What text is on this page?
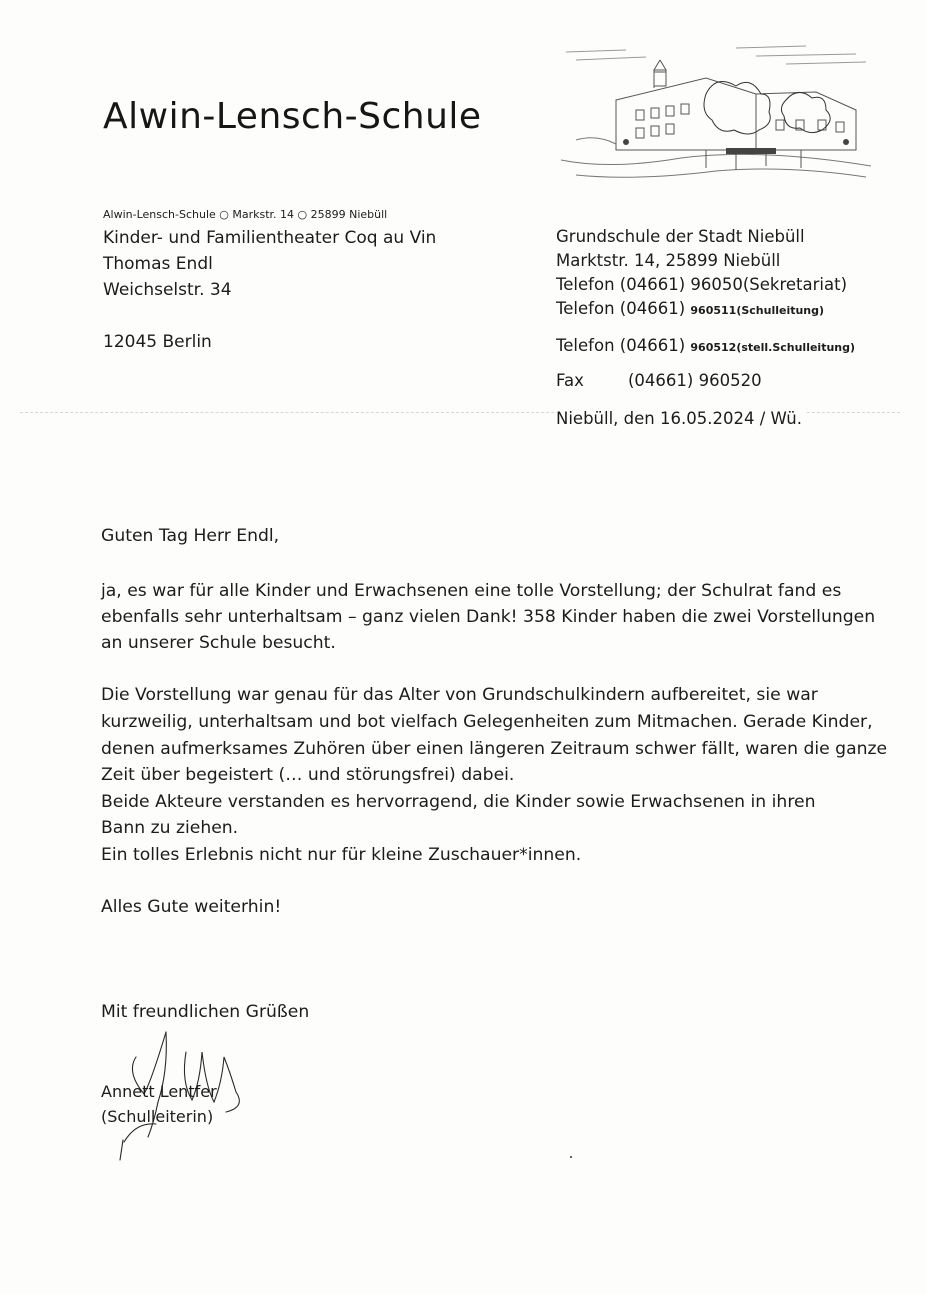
Alwin-Lensch-Schule
Alwin-Lensch-Schule ○ Markstr. 14 ○ 25899 Niebüll
Kinder- und Familientheater Coq au Vin
Thomas Endl
Weichselstr. 34
12045 Berlin
Grundschule der Stadt Niebüll
Marktstr. 14, 25899 Niebüll
Telefon (04661) 96050(Sekretariat)
Telefon (04661) 960511(Schulleitung)
Telefon (04661) 960512(stell.Schulleitung)
Fax	(04661) 960520
Niebüll, den 16.05.2024 / Wü.
Guten Tag Herr Endl,
ja, es war für alle Kinder und Erwachsenen eine tolle Vorstellung; der Schulrat fand es
ebenfalls sehr unterhaltsam – ganz vielen Dank! 358 Kinder haben die zwei Vorstellungen
an unserer Schule besucht.
Die Vorstellung war genau für das Alter von Grundschulkindern aufbereitet, sie war
kurzweilig, unterhaltsam und bot vielfach Gelegenheiten zum Mitmachen. Gerade Kinder,
denen aufmerksames Zuhören über einen längeren Zeitraum schwer fällt, waren die ganze
Zeit über begeistert (… und störungsfrei) dabei.
Beide Akteure verstanden es hervorragend, die Kinder sowie Erwachsenen in ihren
Bann zu ziehen.
Ein tolles Erlebnis nicht nur für kleine Zuschauer*innen.
Alles Gute weiterhin!
Mit freundlichen Grüßen
Annett Lentfer
(Schulleiterin)
